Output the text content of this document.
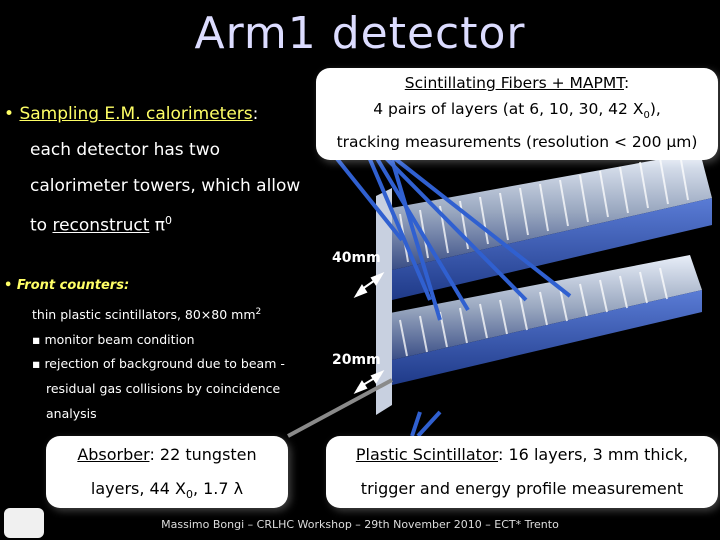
Arm1 detector
Scintillating Fibers + MAPMT:
4 pairs of layers (at 6, 10, 30, 42 $X_0$),
tracking measurements (resolution < 200 μm)
• Sampling E.M. calorimeters:
each detector has two
calorimeter towers, which allow
to reconstruct $\pi^0$
• Front counters:
thin plastic scintillators, 80×80 $mm^2$
▪ monitor beam condition
▪ rejection of background due to beam -
residual gas collisions by coincidence
analysis
40mm
20mm
Absorber: 22 tungsten
layers, 44 $X_0$, 1.7 λ
Plastic Scintillator: 16 layers, 3 mm thick,
trigger and energy profile measurement
Massimo Bongi – CRLHC Workshop – 29th November 2010 – ECT* Trento
